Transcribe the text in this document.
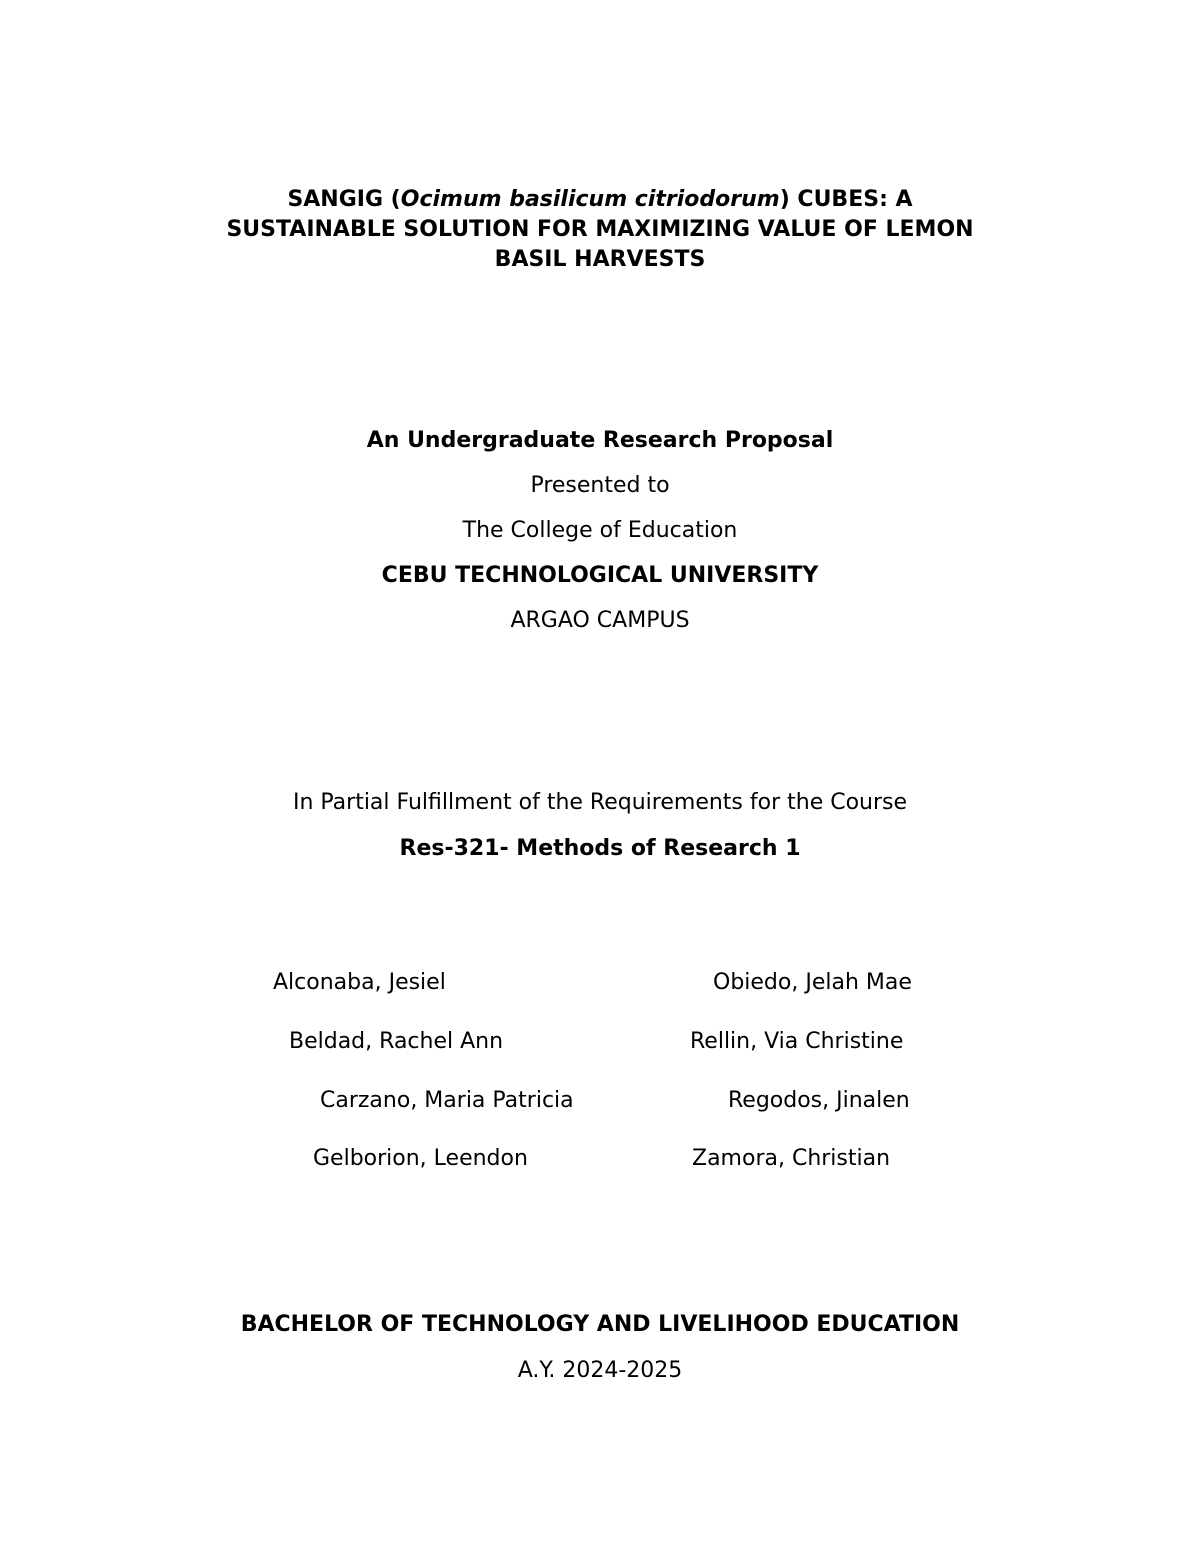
SANGIG (Ocimum basilicum citriodorum) CUBES: A
SUSTAINABLE SOLUTION FOR MAXIMIZING VALUE OF LEMON
BASIL HARVESTS
An Undergraduate Research Proposal
Presented to
The College of Education
CEBU TECHNOLOGICAL UNIVERSITY
ARGAO CAMPUS
In Partial Fulfillment of the Requirements for the Course
Res-321- Methods of Research 1
Alconaba, Jesiel
Beldad, Rachel Ann
Carzano, Maria Patricia
Gelborion, Leendon
Obiedo, Jelah Mae
Rellin, Via Christine
Regodos, Jinalen
Zamora, Christian
BACHELOR OF TECHNOLOGY AND LIVELIHOOD EDUCATION
A.Y. 2024-2025
